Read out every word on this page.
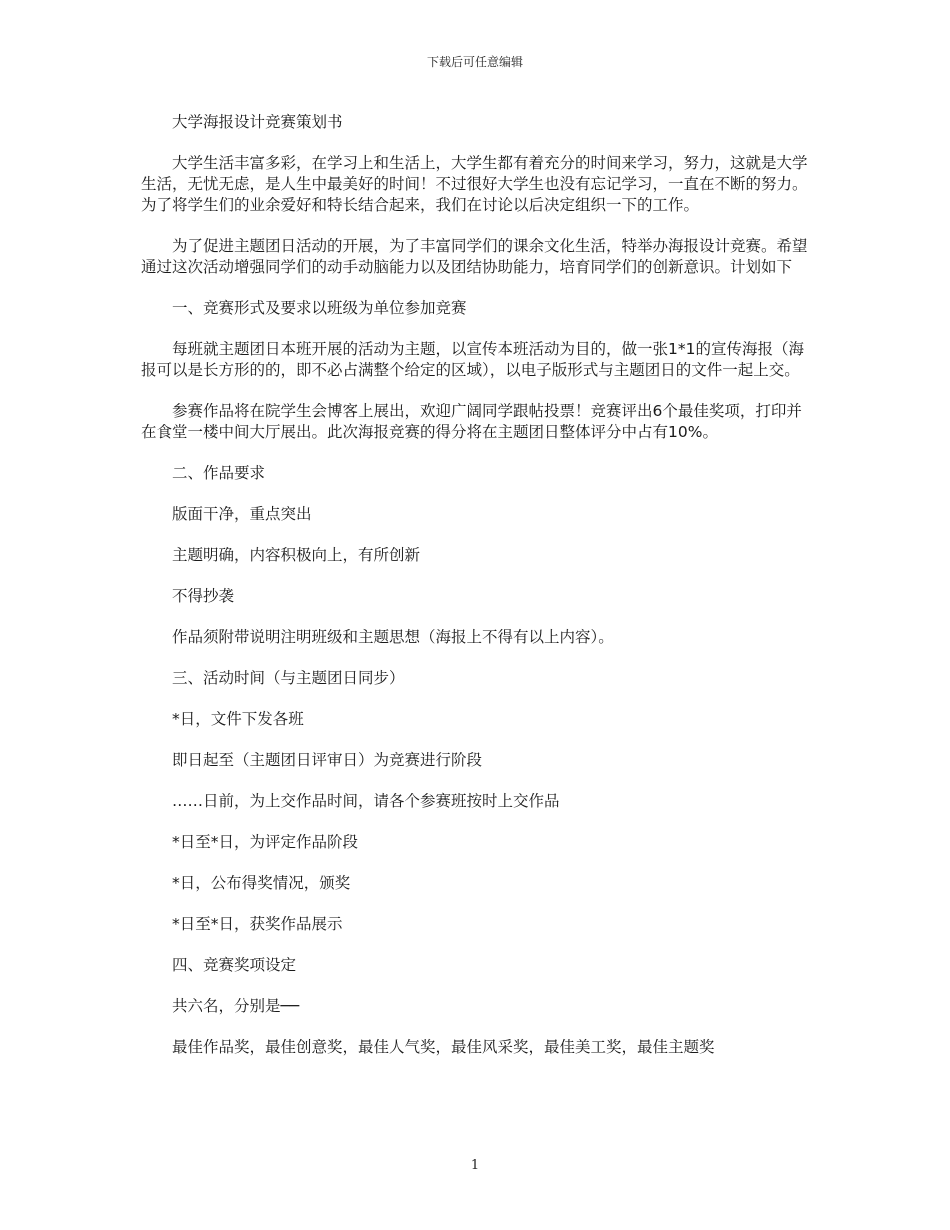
下载后可任意编辑

大学海报设计竞赛策划书

大学生活丰富多彩，在学习上和生活上，大学生都有着充分的时间来学习，努力，这就是大学生活，无忧无虑，是人生中最美好的时间！不过很好大学生也没有忘记学习，一直在不断的努力。为了将学生们的业余爱好和特长结合起来，我们在讨论以后决定组织一下的工作。

为了促进主题团日活动的开展，为了丰富同学们的课余文化生活，特举办海报设计竞赛。希望通过这次活动增强同学们的动手动脑能力以及团结协助能力，培育同学们的创新意识。计划如下

一、竞赛形式及要求以班级为单位参加竞赛

每班就主题团日本班开展的活动为主题，以宣传本班活动为目的，做一张1*1的宣传海报（海报可以是长方形的的，即不必占满整个给定的区域），以电子版形式与主题团日的文件一起上交。

参赛作品将在院学生会博客上展出，欢迎广阔同学跟帖投票！竞赛评出6个最佳奖项，打印并在食堂一楼中间大厅展出。此次海报竞赛的得分将在主题团日整体评分中占有10%。

二、作品要求

版面干净，重点突出

主题明确，内容积极向上，有所创新

不得抄袭

作品须附带说明注明班级和主题思想（海报上不得有以上内容）。

三、活动时间（与主题团日同步）

*日，文件下发各班

即日起至（主题团日评审日）为竞赛进行阶段

……日前，为上交作品时间，请各个参赛班按时上交作品

*日至*日，为评定作品阶段

*日，公布得奖情况，颁奖

*日至*日，获奖作品展示

四、竞赛奖项设定

共六名，分别是──

最佳作品奖，最佳创意奖，最佳人气奖，最佳风采奖，最佳美工奖，最佳主题奖

1
